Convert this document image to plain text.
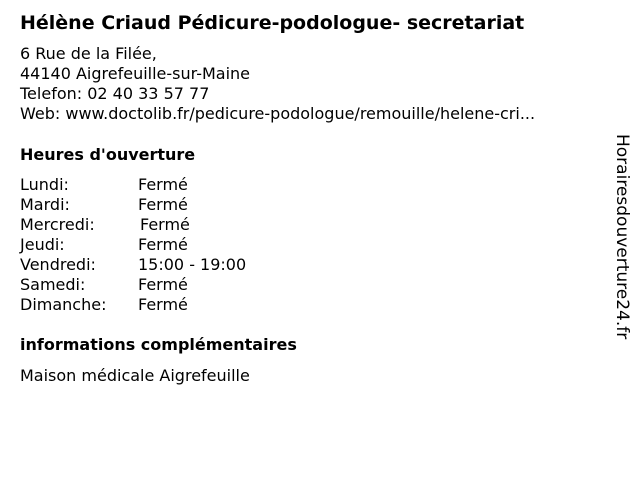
Hélène Criaud Pédicure-podologue- secretariat
6 Rue de la Filée,
44140 Aigrefeuille-sur-Maine
Telefon: 02 40 33 57 77
Web: www.doctolib.fr/pedicure-podologue/remouille/helene-cri...
Heures d'ouverture
Lundi:	Fermé
Mardi:	Fermé
Mercredi:	Fermé
Jeudi:	Fermé
Vendredi:	15:00 - 19:00
Samedi:	Fermé
Dimanche:	Fermé
informations complémentaires
Maison médicale Aigrefeuille
Horairesdouverture24.fr
